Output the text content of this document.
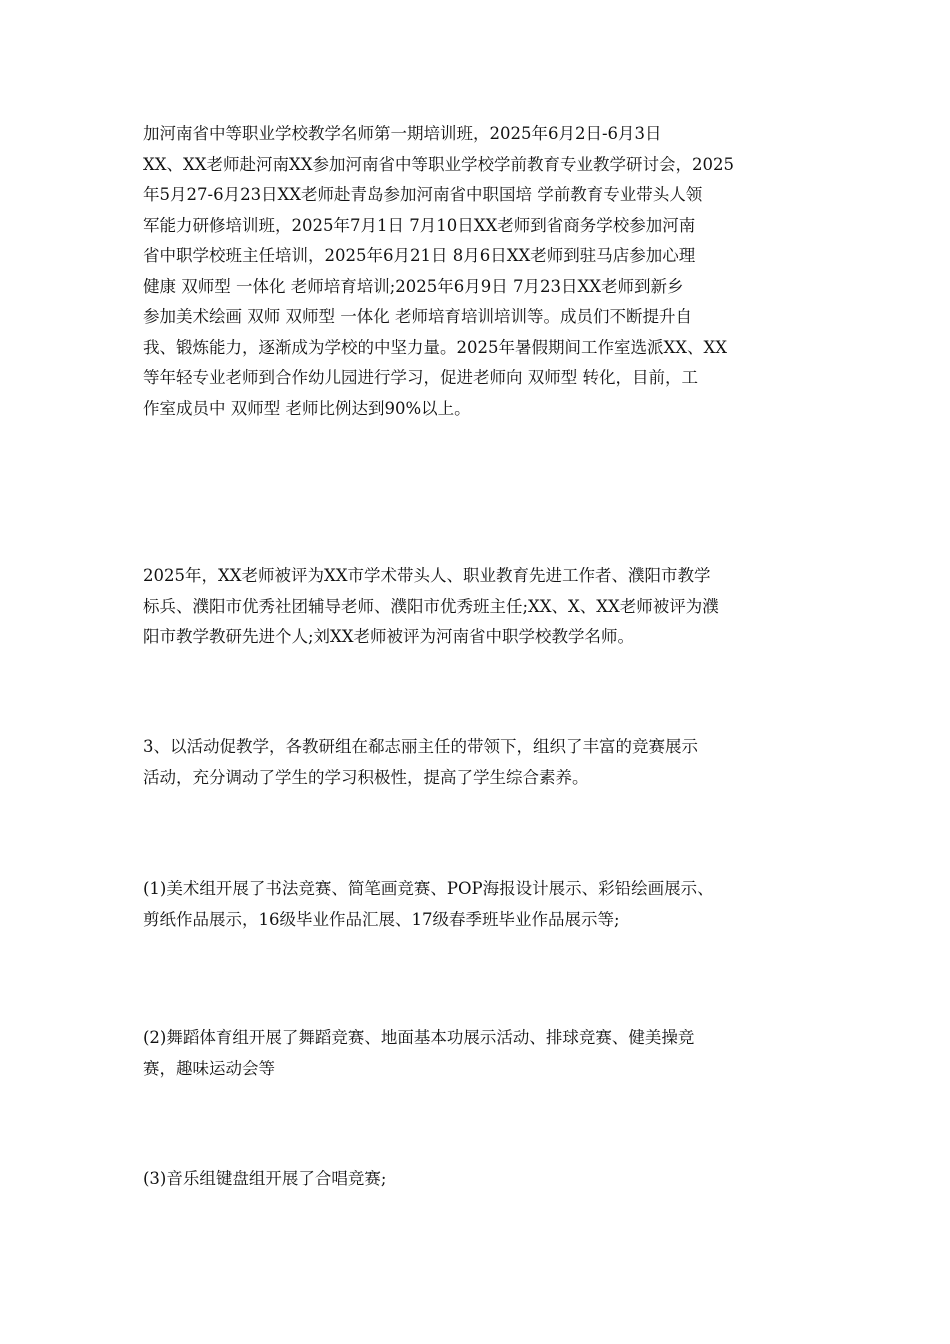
加河南省中等职业学校教学名师第一期培训班，2025年6月2日-6月3日
XX、XX老师赴河南XX参加河南省中等职业学校学前教育专业教学研讨会，2025
年5月27-6月23日XX老师赴青岛参加河南省中职国培 学前教育专业带头人领
军能力研修培训班，2025年7月1日 7月10日XX老师到省商务学校参加河南
省中职学校班主任培训，2025年6月21日 8月6日XX老师到驻马店参加心理
健康 双师型 一体化 老师培育培训;2025年6月9日 7月23日XX老师到新乡
参加美术绘画 双师 双师型 一体化 老师培育培训培训等。成员们不断提升自
我、锻炼能力，逐渐成为学校的中坚力量。2025年暑假期间工作室选派XX、XX
等年轻专业老师到合作幼儿园进行学习，促进老师向 双师型 转化，目前，工
作室成员中 双师型 老师比例达到90%以上。
2025年，XX老师被评为XX市学术带头人、职业教育先进工作者、濮阳市教学
标兵、濮阳市优秀社团辅导老师、濮阳市优秀班主任;XX、X、XX老师被评为濮
阳市教学教研先进个人;刘XX老师被评为河南省中职学校教学名师。
3、以活动促教学，各教研组在郗志丽主任的带领下，组织了丰富的竞赛展示
活动，充分调动了学生的学习积极性，提高了学生综合素养。
(1)美术组开展了书法竞赛、简笔画竞赛、POP海报设计展示、彩铅绘画展示、
剪纸作品展示，16级毕业作品汇展、17级春季班毕业作品展示等;
(2)舞蹈体育组开展了舞蹈竞赛、地面基本功展示活动、排球竞赛、健美操竞
赛，趣味运动会等
(3)音乐组键盘组开展了合唱竞赛;
